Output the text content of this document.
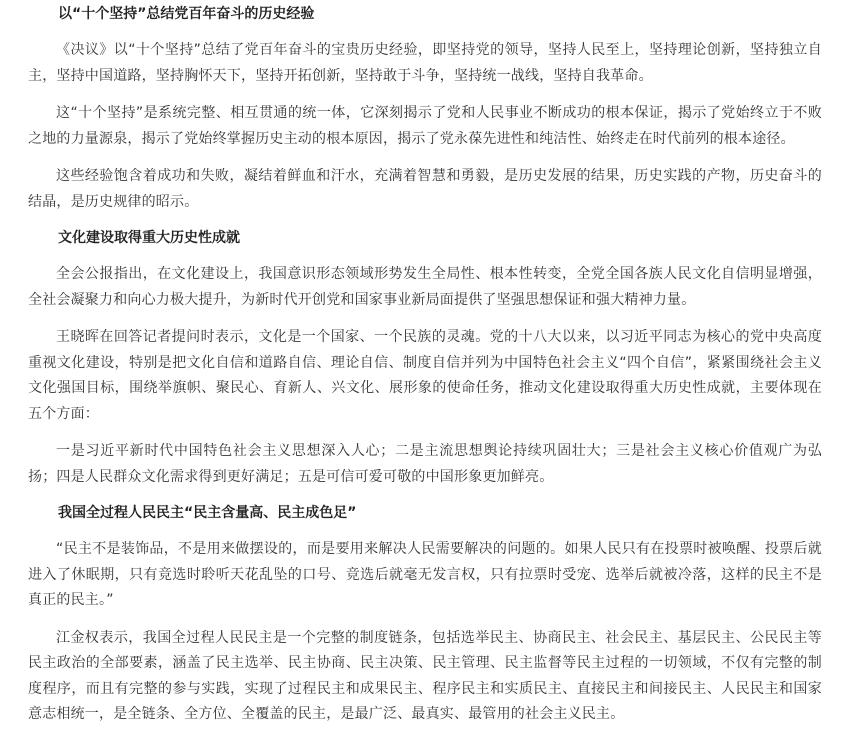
以“十个坚持”总结党百年奋斗的历史经验

《决议》以“十个坚持”总结了党百年奋斗的宝贵历史经验，即坚持党的领导，坚持人民至上，坚持理论创新，坚持独立自主，坚持中国道路，坚持胸怀天下，坚持开拓创新，坚持敢于斗争，坚持统一战线，坚持自我革命。

这“十个坚持”是系统完整、相互贯通的统一体，它深刻揭示了党和人民事业不断成功的根本保证，揭示了党始终立于不败之地的力量源泉，揭示了党始终掌握历史主动的根本原因，揭示了党永葆先进性和纯洁性、始终走在时代前列的根本途径。

这些经验饱含着成功和失败，凝结着鲜血和汗水，充满着智慧和勇毅，是历史发展的结果，历史实践的产物，历史奋斗的结晶，是历史规律的昭示。

文化建设取得重大历史性成就

全会公报指出，在文化建设上，我国意识形态领域形势发生全局性、根本性转变，全党全国各族人民文化自信明显增强，全社会凝聚力和向心力极大提升，为新时代开创党和国家事业新局面提供了坚强思想保证和强大精神力量。

王晓晖在回答记者提问时表示，文化是一个国家、一个民族的灵魂。党的十八大以来，以习近平同志为核心的党中央高度重视文化建设，特别是把文化自信和道路自信、理论自信、制度自信并列为中国特色社会主义“四个自信”，紧紧围绕社会主义文化强国目标，围绕举旗帜、聚民心、育新人、兴文化、展形象的使命任务，推动文化建设取得重大历史性成就，主要体现在五个方面：

一是习近平新时代中国特色社会主义思想深入人心；二是主流思想舆论持续巩固壮大；三是社会主义核心价值观广为弘扬；四是人民群众文化需求得到更好满足；五是可信可爱可敬的中国形象更加鲜亮。

我国全过程人民民主“民主含量高、民主成色足”

“民主不是装饰品，不是用来做摆设的，而是要用来解决人民需要解决的问题的。如果人民只有在投票时被唤醒、投票后就进入了休眠期，只有竞选时聆听天花乱坠的口号、竞选后就毫无发言权，只有拉票时受宠、选举后就被冷落，这样的民主不是真正的民主。”

江金权表示，我国全过程人民民主是一个完整的制度链条，包括选举民主、协商民主、社会民主、基层民主、公民民主等民主政治的全部要素，涵盖了民主选举、民主协商、民主决策、民主管理、民主监督等民主过程的一切领域，不仅有完整的制度程序，而且有完整的参与实践，实现了过程民主和成果民主、程序民主和实质民主、直接民主和间接民主、人民民主和国家意志相统一，是全链条、全方位、全覆盖的民主，是最广泛、最真实、最管用的社会主义民主。
